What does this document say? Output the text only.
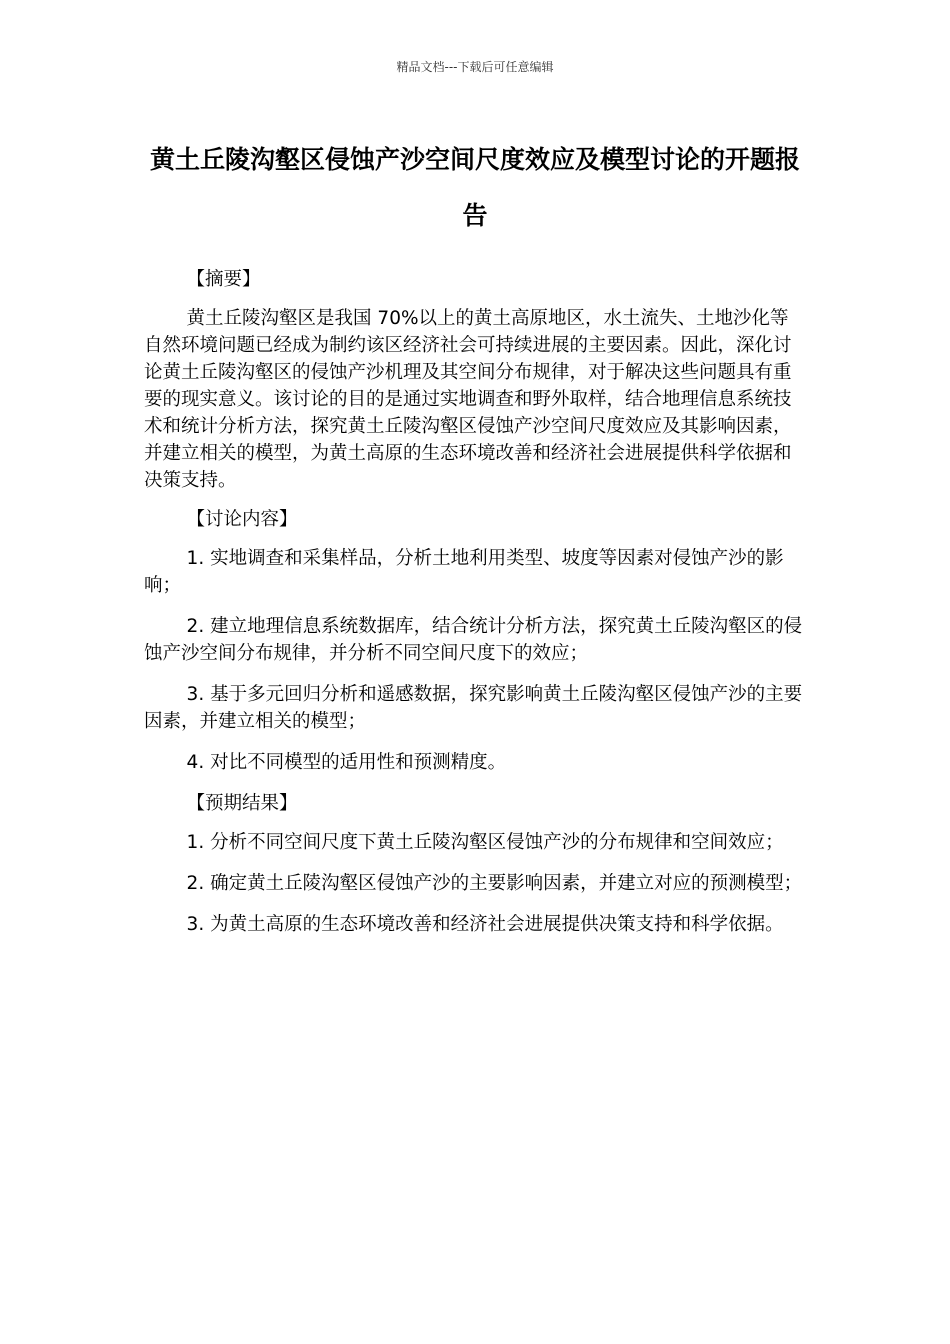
精品文档---下载后可任意编辑
黄土丘陵沟壑区侵蚀产沙空间尺度效应及模型讨论的开题报告

【摘要】

黄土丘陵沟壑区是我国 70%以上的黄土高原地区，水土流失、土地沙化等自然环境问题已经成为制约该区经济社会可持续进展的主要因素。因此，深化讨论黄土丘陵沟壑区的侵蚀产沙机理及其空间分布规律，对于解决这些问题具有重要的现实意义。该讨论的目的是通过实地调查和野外取样，结合地理信息系统技术和统计分析方法，探究黄土丘陵沟壑区侵蚀产沙空间尺度效应及其影响因素，并建立相关的模型，为黄土高原的生态环境改善和经济社会进展提供科学依据和决策支持。

【讨论内容】

1. 实地调查和采集样品，分析土地利用类型、坡度等因素对侵蚀产沙的影响；

2. 建立地理信息系统数据库，结合统计分析方法，探究黄土丘陵沟壑区的侵蚀产沙空间分布规律，并分析不同空间尺度下的效应；

3. 基于多元回归分析和遥感数据，探究影响黄土丘陵沟壑区侵蚀产沙的主要因素，并建立相关的模型；

4. 对比不同模型的适用性和预测精度。

【预期结果】

1. 分析不同空间尺度下黄土丘陵沟壑区侵蚀产沙的分布规律和空间效应；

2. 确定黄土丘陵沟壑区侵蚀产沙的主要影响因素，并建立对应的预测模型；

3. 为黄土高原的生态环境改善和经济社会进展提供决策支持和科学依据。
